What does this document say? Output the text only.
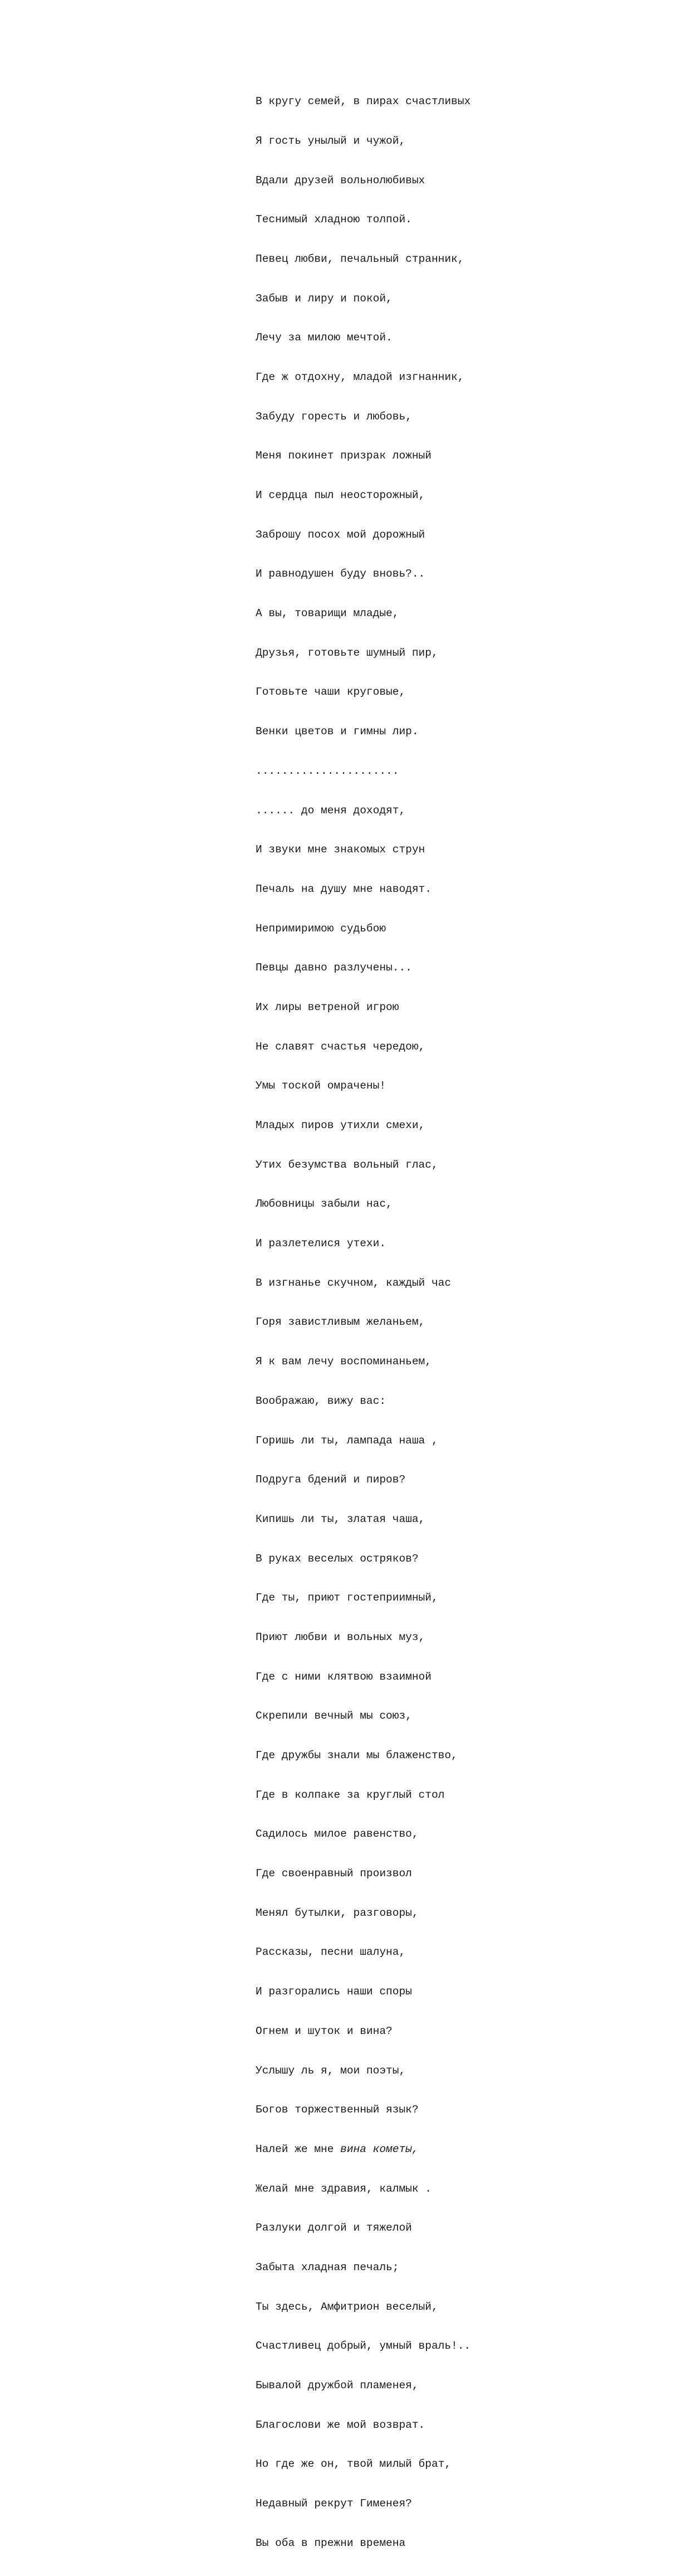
В кругу семей, в пирах счастливых

Я гость унылый и чужой,

Вдали друзей вольнолюбивых

Теснимый хладною толпой.

Певец любви, печальный странник,

Забыв и лиру и покой,

Лечу за милою мечтой.

Где ж отдохну, младой изгнанник,

Забуду горесть и любовь,

Меня покинет призрак ложный

И сердца пыл неосторожный,

Заброшу посох мой дорожный

И равнодушен буду вновь?..

А вы, товарищи младые,

Друзья, готовьте шумный пир,

Готовьте чаши круговые,

Венки цветов и гимны лир.

......................

...... до меня доходят,

И звуки мне знакомых струн

Печаль на душу мне наводят.

Непримиримою судьбою

Певцы давно разлучены...

Их лиры ветреной игрою

Не славят счастья чередою,

Умы тоской омрачены!

Младых пиров утихли смехи,

Утих безумства вольный глас,

Любовницы забыли нас,

И разлетелися утехи.

В изгнанье скучном, каждый час

Горя завистливым желаньем,

Я к вам лечу воспоминаньем,

Воображаю, вижу вас:

Горишь ли ты, лампада наша ,

Подруга бдений и пиров?

Кипишь ли ты, златая чаша,

В руках веселых остряков?

Где ты, приют гостеприимный,

Приют любви и вольных муз,

Где с ними клятвою взаимной

Скрепили вечный мы союз,

Где дружбы знали мы блаженство,

Где в колпаке за круглый стол

Садилось милое равенство,

Где своенравный произвол

Менял бутылки, разговоры,

Рассказы, песни шалуна,

И разгорались наши споры

Огнем и шуток и вина?

Услышу ль я, мои поэты,

Богов торжественный язык?

Налей же мне вина кометы,

Желай мне здравия, калмык .

Разлуки долгой и тяжелой

Забыта хладная печаль;

Ты здесь, Амфитрион веселый,

Счастливец добрый, умный враль!..

Бывалой дружбой пламенея,

Благослови же мой возврат.

Но где же он, твой милый брат,

Недавный рекрут Гименея?

Вы оба в прежни времена
